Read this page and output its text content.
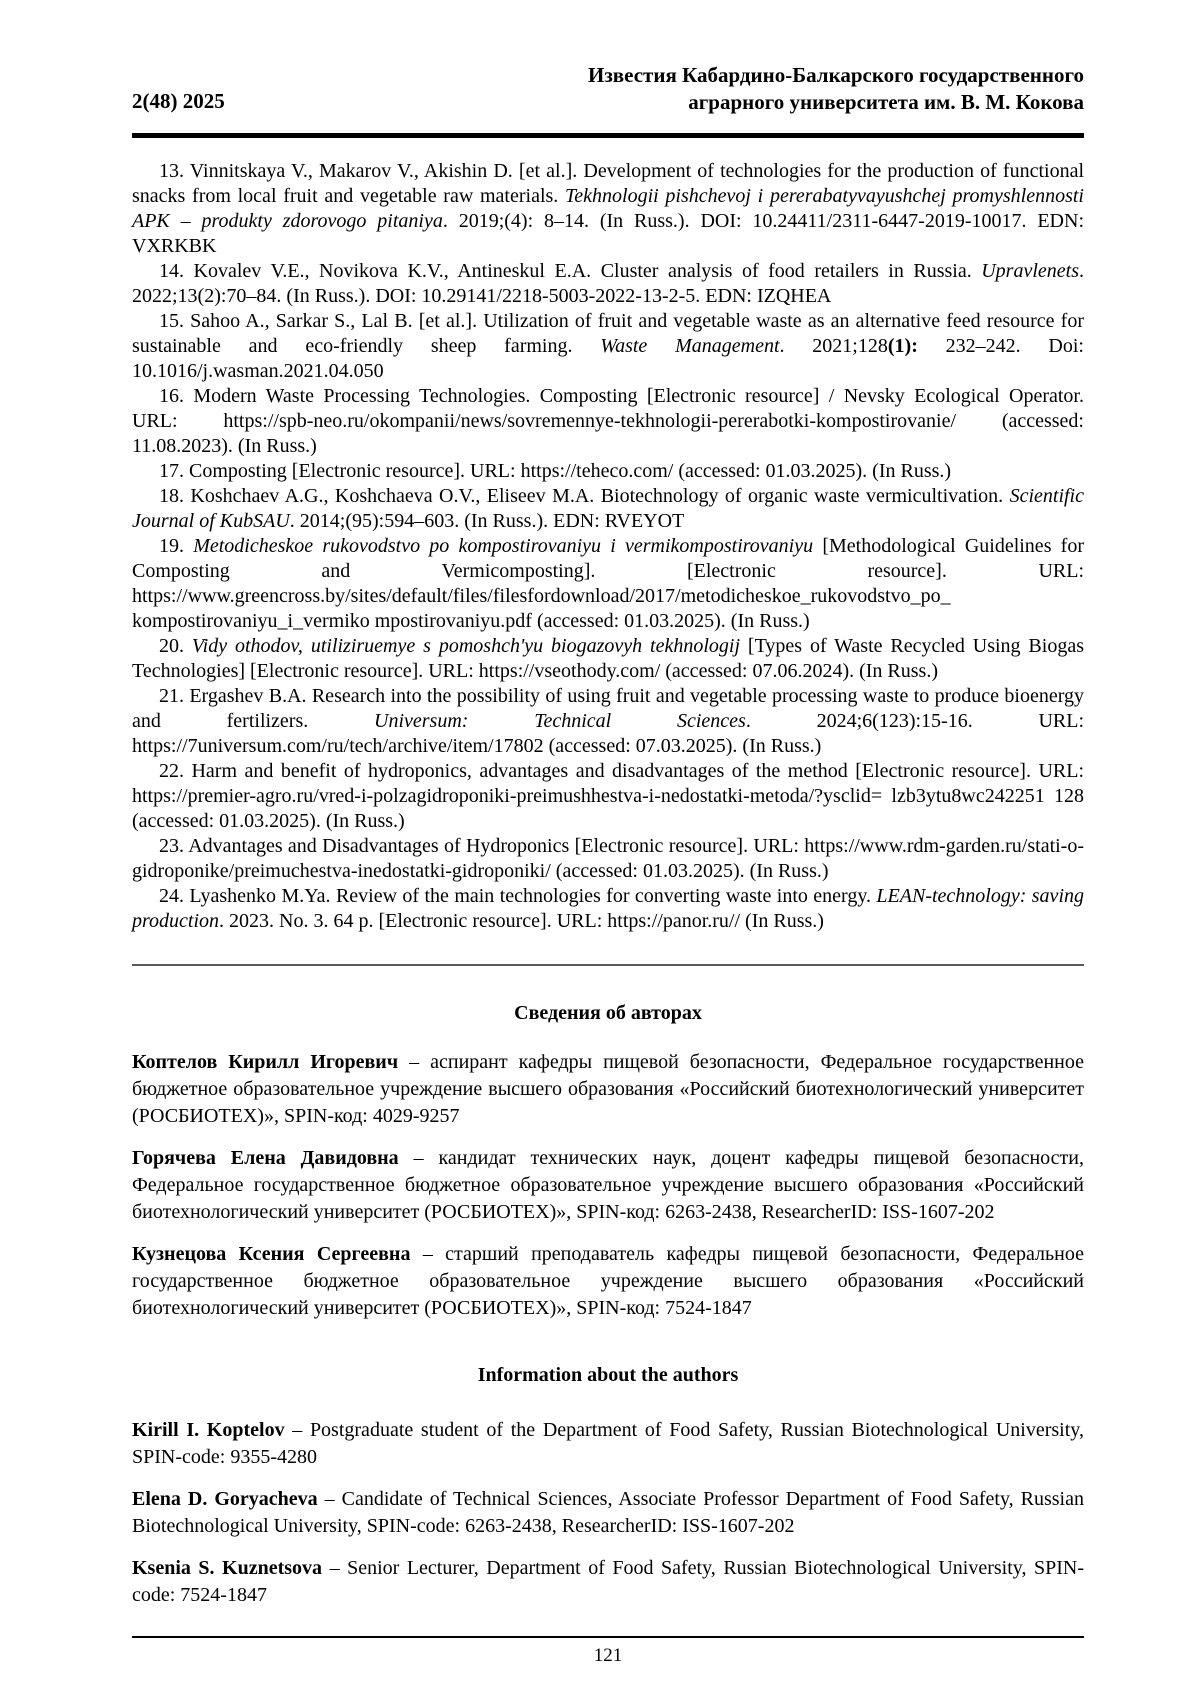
2(48) 2025
Известия Кабардино-Балкарского государственного
аграрного университета им. В. М. Кокова

13. Vinnitskaya V., Makarov V., Akishin D. [et al.]. Development of technologies for the production of functional snacks from local fruit and vegetable raw materials. Tekhnologii pishchevoj i pererabatyvayushchej promyshlennosti APK – produkty zdorovogo pitaniya. 2019;(4): 8–14. (In Russ.). DOI: 10.24411/2311-6447-2019-10017. EDN: VXRKBK

14. Kovalev V.E., Novikova K.V., Antineskul E.A. Cluster analysis of food retailers in Russia. Upravlenets. 2022;13(2):70–84. (In Russ.). DOI: 10.29141/2218-5003-2022-13-2-5. EDN: IZQHEA

15. Sahoo A., Sarkar S., Lal B. [et al.]. Utilization of fruit and vegetable waste as an alternative feed resource for sustainable and eco-friendly sheep farming. Waste Management. 2021;128(1): 232–242. Doi: 10.1016/j.wasman.2021.04.050

16. Modern Waste Processing Technologies. Composting [Electronic resource] / Nevsky Ecological Operator. URL: https://spb-neo.ru/okompanii/news/sovremennye-tekhnologii-pererabotki-kompostirovanie/ (accessed: 11.08.2023). (In Russ.)

17. Composting [Electronic resource]. URL: https://teheco.com/ (accessed: 01.03.2025). (In Russ.)

18. Koshchaev A.G., Koshchaeva O.V., Eliseev M.A. Biotechnology of organic waste vermicultivation. Scientific Journal of KubSAU. 2014;(95):594–603. (In Russ.). EDN: RVEYOT

19. Metodicheskoe rukovodstvo po kompostirovaniyu i vermikompostirovaniyu [Methodological Guidelines for Composting and Vermicomposting]. [Electronic resource]. URL: https://www.greencross.by/sites/default/files/filesfordownload/2017/metodicheskoe_rukovodstvo_po_ kompostirovaniyu_i_vermiko mpostirovaniyu.pdf (accessed: 01.03.2025). (In Russ.)

20. Vidy othodov, utiliziruemye s pomoshch'yu biogazovyh tekhnologij [Types of Waste Recycled Using Biogas Technologies] [Electronic resource]. URL: https://vseothody.com/ (accessed: 07.06.2024). (In Russ.)

21. Ergashev B.A. Research into the possibility of using fruit and vegetable processing waste to produce bioenergy and fertilizers. Universum: Technical Sciences. 2024;6(123):15-16. URL: https://7universum.com/ru/tech/archive/item/17802 (accessed: 07.03.2025). (In Russ.)

22. Harm and benefit of hydroponics, advantages and disadvantages of the method [Electronic resource]. URL: https://premier-agro.ru/vred-i-polzagidroponiki-preimushhestva-i-nedostatki-metoda/?ysclid= lzb3ytu8wc242251 128 (accessed: 01.03.2025). (In Russ.)

23. Advantages and Disadvantages of Hydroponics [Electronic resource]. URL: https://www.rdm-garden.ru/stati-o-gidroponike/preimuchestva-inedostatki-gidroponiki/ (accessed: 01.03.2025). (In Russ.)

24. Lyashenko M.Ya. Review of the main technologies for converting waste into energy. LEAN-technology: saving production. 2023. No. 3. 64 p. [Electronic resource]. URL: https://panor.ru// (In Russ.)

Сведения об авторах

Коптелов Кирилл Игоревич – аспирант кафедры пищевой безопасности, Федеральное государственное бюджетное образовательное учреждение высшего образования «Российский биотехнологический университет (РОСБИОТЕХ)», SPIN-код: 4029-9257

Горячева Елена Давидовна – кандидат технических наук, доцент кафедры пищевой безопасности, Федеральное государственное бюджетное образовательное учреждение высшего образования «Российский биотехнологический университет (РОСБИОТЕХ)», SPIN-код: 6263-2438, ResearcherID: ISS-1607-202

Кузнецова Ксения Сергеевна – старший преподаватель кафедры пищевой безопасности, Федеральное государственное бюджетное образовательное учреждение высшего образования «Российский биотехнологический университет (РОСБИОТЕХ)», SPIN-код: 7524-1847

Information about the authors

Kirill I. Koptelov – Postgraduate student of the Department of Food Safety, Russian Biotechnological University, SPIN-code: 9355-4280

Elena D. Goryacheva – Candidate of Technical Sciences, Associate Professor Department of Food Safety, Russian Biotechnological University, SPIN-code: 6263-2438, ResearcherID: ISS-1607-202

Ksenia S. Kuznetsova – Senior Lecturer, Department of Food Safety, Russian Biotechnological University, SPIN-code: 7524-1847

121
